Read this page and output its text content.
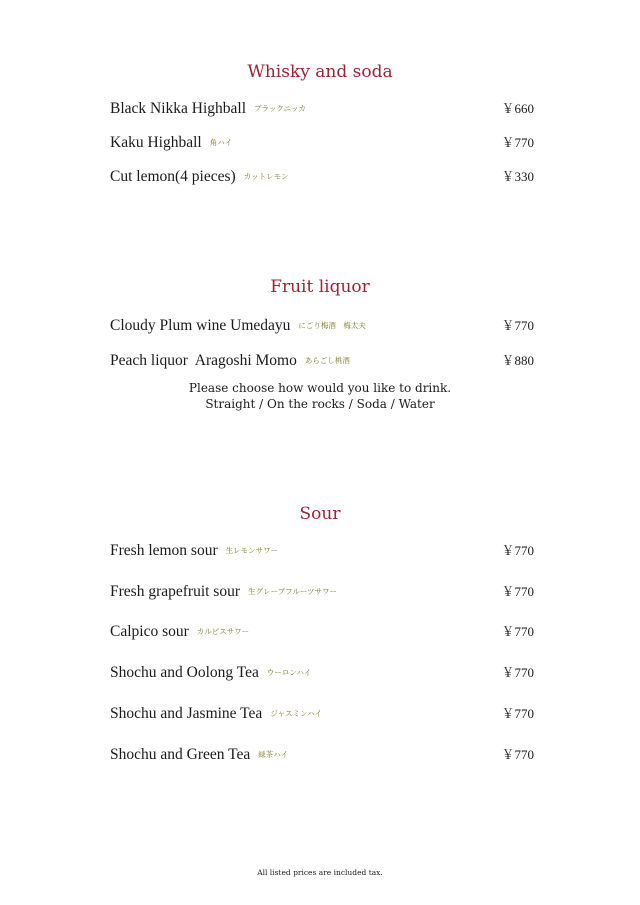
Whisky and soda
Black Nikka Highball ブラックニッカ	￥660
Kaku Highball 角ハイ	￥770
Cut lemon(4 pieces) カットレモン	￥330
Fruit liquor
Cloudy Plum wine Umedayu にごり梅酒　梅太夫	￥770
Peach liquor  Aragoshi Momo あらごし桃酒	￥880
Please choose how would you like to drink.
Straight / On the rocks / Soda / Water
Sour
Fresh lemon sour 生レモンサワー	￥770
Fresh grapefruit sour 生グレープフルーツサワー	￥770
Calpico sour カルピスサワー	￥770
Shochu and Oolong Tea ウーロンハイ	￥770
Shochu and Jasmine Tea ジャスミンハイ	￥770
Shochu and Green Tea 緑茶ハイ	￥770
All listed prices are included tax.
